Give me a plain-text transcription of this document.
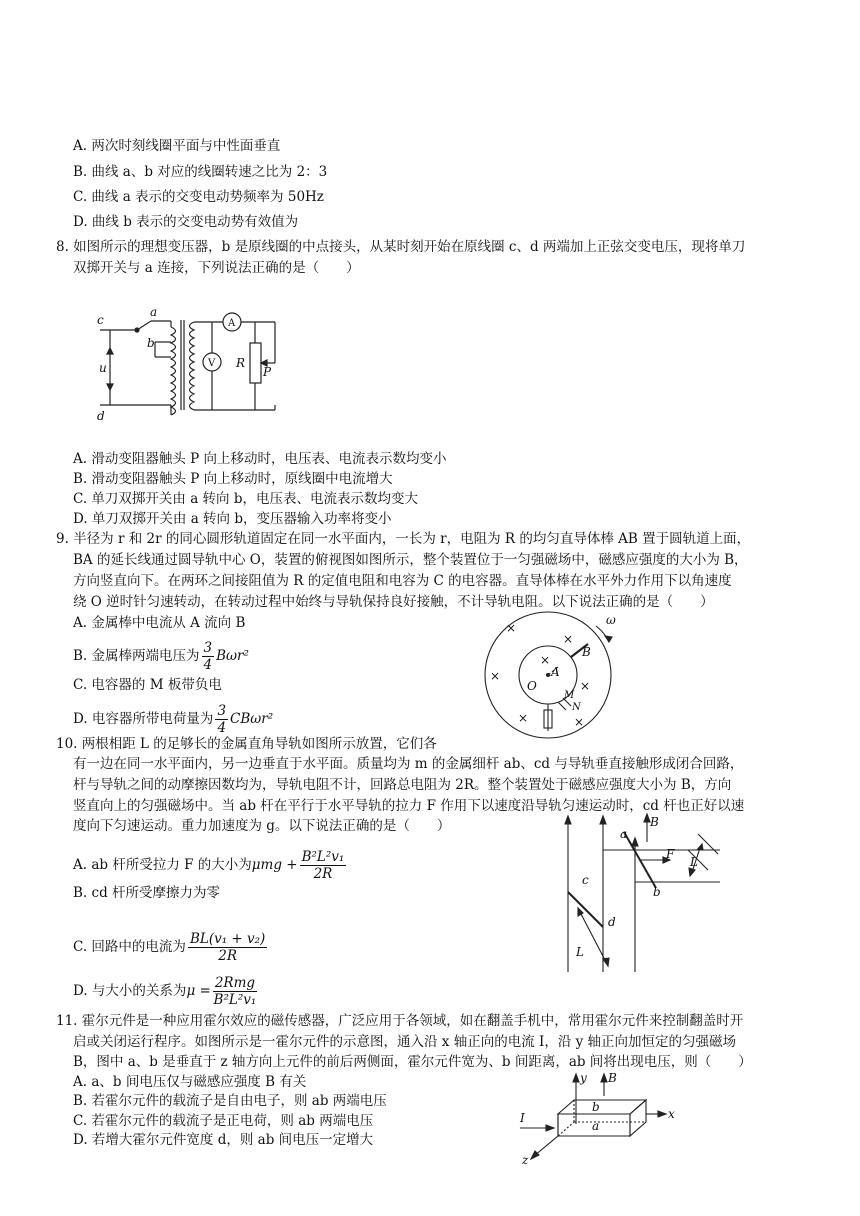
A. 两次时刻线圈平面与中性面垂直
B. 曲线 a、b 对应的线圈转速之比为 2：3
C. 曲线 a 表示的交变电动势频率为 50Hz
D. 曲线 b 表示的交变电动势有效值为
8. 如图所示的理想变压器，b 是原线圈的中点接头，从某时刻开始在原线圈 c、d 两端加上正弦交变电压，现将单刀
双掷开关与 a 连接，下列说法正确的是（　　）
c
a
b
u
d
V
A
R
P
A. 滑动变阻器触头 P 向上移动时，电压表、电流表示数均变小
B. 滑动变阻器触头 P 向上移动时，原线圈中电流增大
C. 单刀双掷开关由 a 转向 b，电压表、电流表示数均变大
D. 单刀双掷开关由 a 转向 b，变压器输入功率将变小
9. 半径为 r 和 2r 的同心圆形轨道固定在同一水平面内，一长为 r，电阻为 R 的均匀直导体棒 AB 置于圆轨道上面，
BA 的延长线通过圆导轨中心 O，装置的俯视图如图所示，整个装置位于一匀强磁场中，磁感应强度的大小为 B，
方向竖直向下。在两环之间接阻值为 R 的定值电阻和电容为 C 的电容器。直导体棒在水平外力作用下以角速度
绕 O 逆时针匀速转动，在转动过程中始终与导轨保持良好接触，不计导轨电阻。以下说法正确的是（　　）
A. 金属棒中电流从 A 流向 B
B. 金属棒两端电压为 $\frac{3}{4} B\omega r^2$
C. 电容器的 M 板带负电
D. 电容器所带电荷量为 $\frac{3}{4} CB\omega r^2$
×
×
×
×
×
×	×
O
A
B
M
N
ω
10. 两根相距 L 的足够长的金属直角导轨如图所示放置，它们各
有一边在同一水平面内，另一边垂直于水平面。质量均为 m 的金属细杆 ab、cd 与导轨垂直接触形成闭合回路，
杆与导轨之间的动摩擦因数均为，导轨电阻不计，回路总电阻为 2R。整个装置处于磁感应强度大小为 B，方向
竖直向上的匀强磁场中。当 ab 杆在平行于水平导轨的拉力 F 作用下以速度沿导轨匀速运动时，cd 杆也正好以速
度向下匀速运动。重力加速度为 g。以下说法正确的是（　　）
A. ab 杆所受拉力 F 的大小为$\mu mg + \frac{\text{B²L²v₁}}{2R}$
B. cd 杆所受摩擦力为零
C. 回路中的电流为 $\frac{\text{BL(v₁ + v₂)}}{2R}$
D. 与大小的关系为$\mu = \frac{\text{2Rmg}}{\text{B²L²v₁}}$
a
b
c
d
B
F
L
L
11. 霍尔元件是一种应用霍尔效应的磁传感器，广泛应用于各领域，如在翻盖手机中，常用霍尔元件来控制翻盖时开
启或关闭运行程序。如图所示是一霍尔元件的示意图，通入沿 x 轴正向的电流 I，沿 y 轴正向加恒定的匀强磁场
B，图中 a、b 是垂直于 z 轴方向上元件的前后两侧面，霍尔元件宽为、b 间距离，ab 间将出现电压，则（　　）
A. a、b 间电压仅与磁感应强度 B 有关
B. 若霍尔元件的载流子是自由电子，则 ab 两端电压
C. 若霍尔元件的载流子是正电荷，则 ab 两端电压
D. 若增大霍尔元件宽度 d，则 ab 间电压一定增大
y B
I	x
z
b
a
